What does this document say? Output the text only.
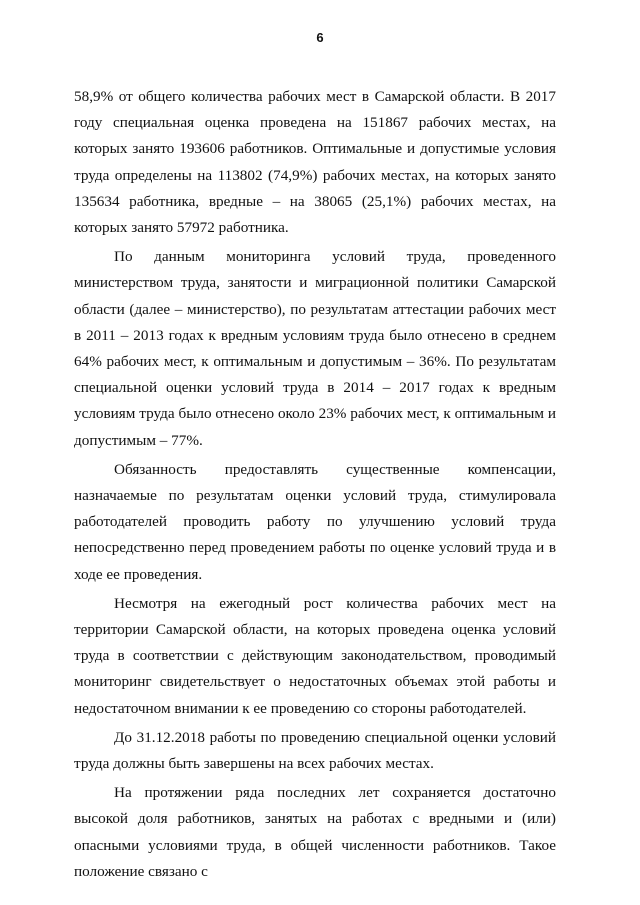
6

58,9% от общего количества рабочих мест в Самарской области. В 2017 году специальная оценка проведена на 151867 рабочих местах, на которых занято 193606 работников. Оптимальные и допустимые условия труда определены на 113802 (74,9%) рабочих местах, на которых занято 135634 работника, вредные – на 38065 (25,1%) рабочих местах, на которых занято 57972 работника.

По данным мониторинга условий труда, проведенного министерством труда, занятости и миграционной политики Самарской области (далее – министерство), по результатам аттестации рабочих мест в 2011 – 2013 годах к вредным условиям труда было отнесено в среднем 64% рабочих мест, к оптимальным и допустимым – 36%. По результатам специальной оценки условий труда в 2014 – 2017 годах к вредным условиям труда было отнесено около 23% рабочих мест, к оптимальным и допустимым – 77%.

Обязанность предоставлять существенные компенсации, назначаемые по результатам оценки условий труда, стимулировала работодателей проводить работу по улучшению условий труда непосредственно перед проведением работы по оценке условий труда и в ходе ее проведения.

Несмотря на ежегодный рост количества рабочих мест на территории Самарской области, на которых проведена оценка условий труда в соответствии с действующим законодательством, проводимый мониторинг свидетельствует о недостаточных объемах этой работы и недостаточном внимании к ее проведению со стороны работодателей.

До 31.12.2018 работы по проведению специальной оценки условий труда должны быть завершены на всех рабочих местах.

На протяжении ряда последних лет сохраняется достаточно высокой доля работников, занятых на работах с вредными и (или) опасными условиями труда, в общей численности работников. Такое положение связано с
